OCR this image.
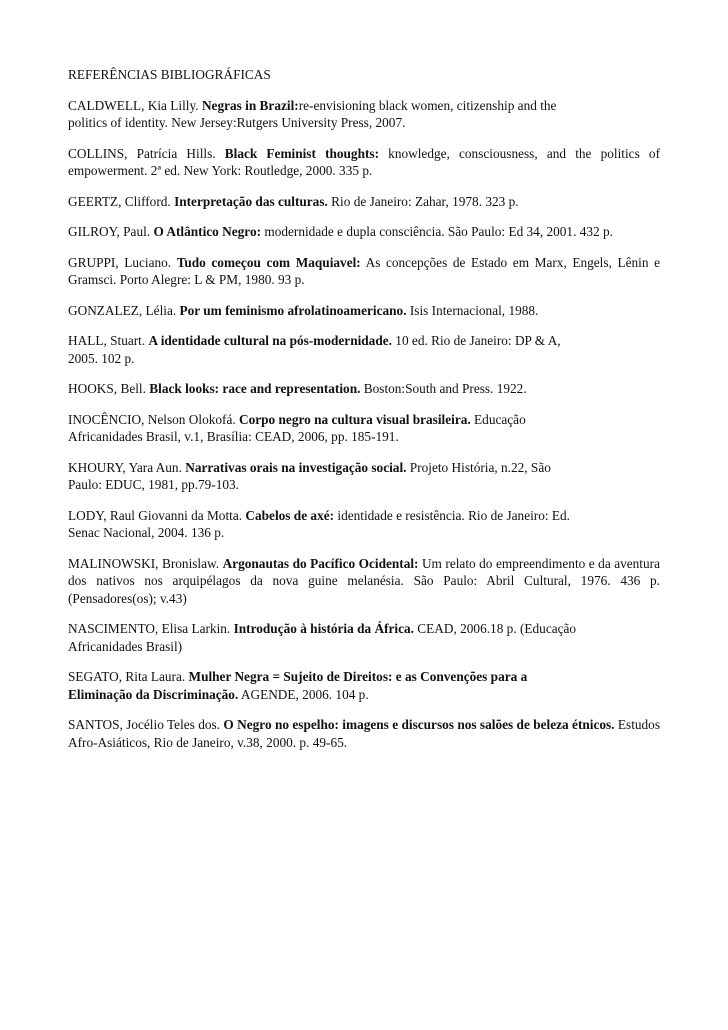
REFERÊNCIAS BIBLIOGRÁFICAS

CALDWELL, Kia Lilly. Negras in Brazil:re-envisioning black women, citizenship and the
politics of identity. New Jersey:Rutgers University Press, 2007.

COLLINS, Patrícia Hills. Black Feminist thoughts: knowledge, consciousness, and the politics of empowerment. 2ª ed. New York: Routledge, 2000. 335 p.

GEERTZ, Clifford. Interpretação das culturas. Rio de Janeiro: Zahar, 1978. 323 p.

GILROY, Paul. O Atlântico Negro: modernidade e dupla consciência. São Paulo: Ed 34, 2001. 432 p.

GRUPPI, Luciano. Tudo começou com Maquiavel: As concepções de Estado em Marx, Engels, Lênin e Gramsci. Porto Alegre: L & PM, 1980. 93 p.

GONZALEZ, Lélia. Por um feminismo afrolatinoamericano. Isis Internacional, 1988.

HALL, Stuart. A identidade cultural na pós-modernidade. 10 ed. Rio de Janeiro: DP & A,
2005. 102 p.

HOOKS, Bell. Black looks: race and representation. Boston:South and Press. 1922.

INOCÊNCIO, Nelson Olokofá. Corpo negro na cultura visual brasileira. Educação
Africanidades Brasil, v.1, Brasília: CEAD, 2006, pp. 185-191.

KHOURY, Yara Aun. Narrativas orais na investigação social. Projeto História, n.22, São
Paulo: EDUC, 1981, pp.79-103.

LODY, Raul Giovanni da Motta. Cabelos de axé: identidade e resistência. Rio de Janeiro: Ed.
Senac Nacional, 2004. 136 p.

MALINOWSKI, Bronislaw. Argonautas do Pacífico Ocidental: Um relato do empreendimento e da aventura dos nativos nos arquipélagos da nova guine melanésia. São Paulo: Abril Cultural, 1976. 436 p. (Pensadores(os); v.43)

NASCIMENTO, Elisa Larkin. Introdução à história da África. CEAD, 2006.18 p. (Educação
Africanidades Brasil)

SEGATO, Rita Laura. Mulher Negra = Sujeito de Direitos: e as Convenções para a
Eliminação da Discriminação. AGENDE, 2006. 104 p.

SANTOS, Jocélio Teles dos. O Negro no espelho: imagens e discursos nos salões de beleza étnicos. Estudos Afro-Asiáticos, Rio de Janeiro, v.38, 2000. p. 49-65.
